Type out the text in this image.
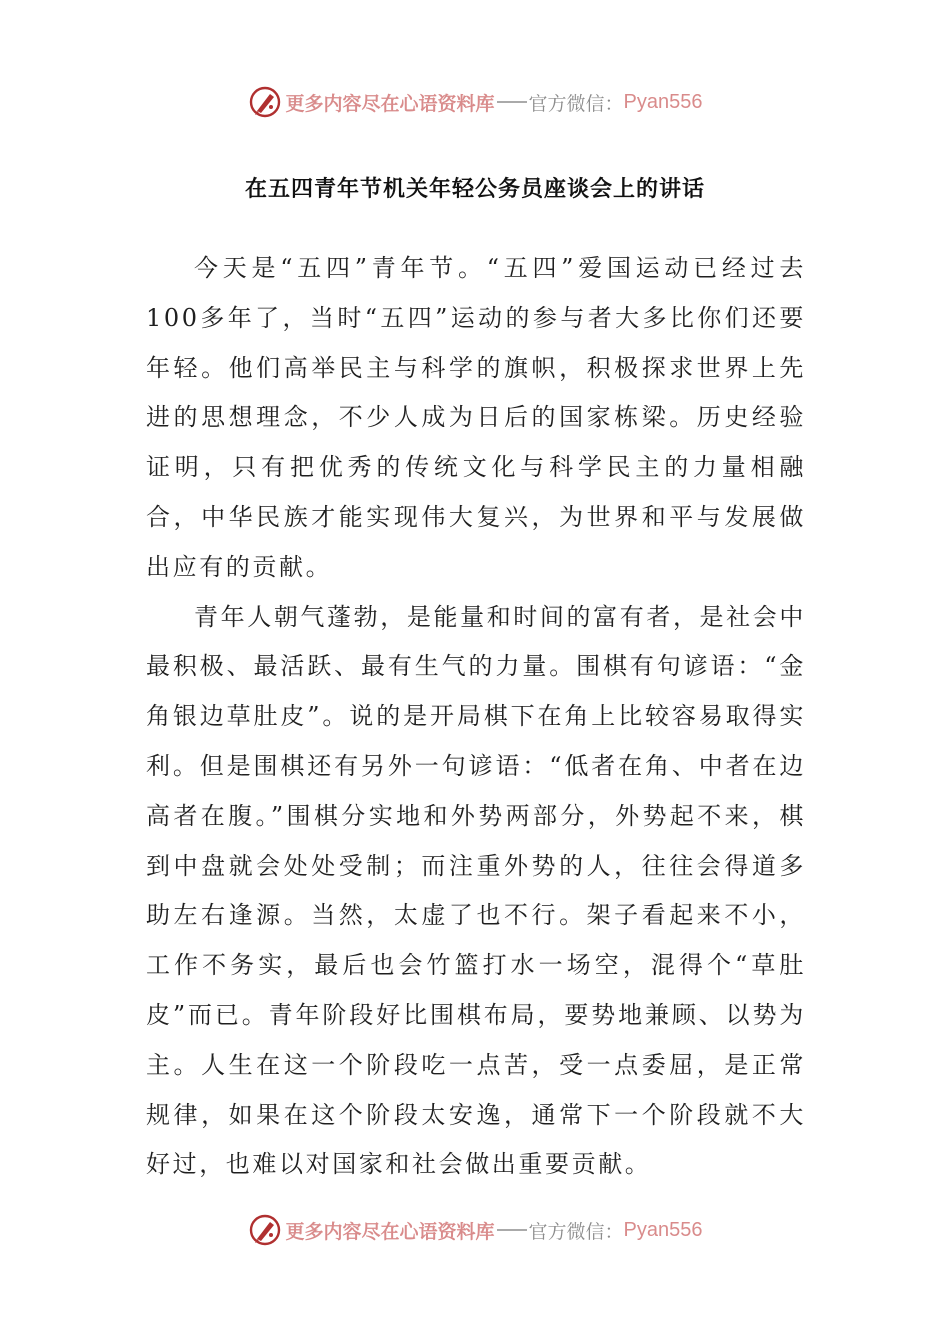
更多内容尽在心语资料库 官方微信： Pyan556
在五四青年节机关年轻公务员座谈会上的讲话

今天是“五四”青年节。“五四”爱国运动已经过去100多年了，当时“五四”运动的参与者大多比你们还要年轻。他们高举民主与科学的旗帜，积极探求世界上先进的思想理念，不少人成为日后的国家栋梁。历史经验证明，只有把优秀的传统文化与科学民主的力量相融合，中华民族才能实现伟大复兴，为世界和平与发展做出应有的贡献。

青年人朝气蓬勃，是能量和时间的富有者，是社会中最积极、最活跃、最有生气的力量。围棋有句谚语：“金角银边草肚皮”。说的是开局棋下在角上比较容易取得实利。但是围棋还有另外一句谚语：“低者在角、中者在边高者在腹。”围棋分实地和外势两部分，外势起不来，棋到中盘就会处处受制；而注重外势的人，往往会得道多助左右逢源。当然，太虚了也不行。架子看起来不小，工作不务实，最后也会竹篮打水一场空，混得个“草肚皮”而已。青年阶段好比围棋布局，要势地兼顾、以势为主。人生在这一个阶段吃一点苦，受一点委屈，是正常规律，如果在这个阶段太安逸，通常下一个阶段就不大好过，也难以对国家和社会做出重要贡献。

更多内容尽在心语资料库 官方微信： Pyan556
